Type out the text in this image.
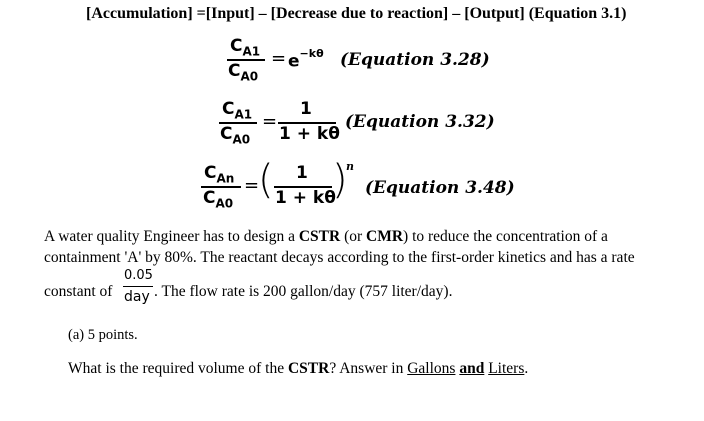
[Accumulation] =[Input] – [Decrease due to reaction] – [Output] (Equation 3.1)
$C_{A1}$
$C_{A0}$
= $e^{-k\theta}$ (Equation 3.28)
$C_{A1}$
$C_{A0}$
=
1
1 + kθ
(Equation 3.32)
$C_{An}$
$C_{A0}$
=
( 1
1 + kθ
)
n
(Equation 3.48)
A water quality Engineer has to design a CSTR (or CMR) to reduce the concentration of a
containment 'A' by 80%. The reactant decays according to the first-order kinetics and has a rate
constant of
0.05
day . The flow rate is 200 gallon/day (757 liter/day).
(a) 5 points.
What is the required volume of the CSTR? Answer in Gallons and Liters.
